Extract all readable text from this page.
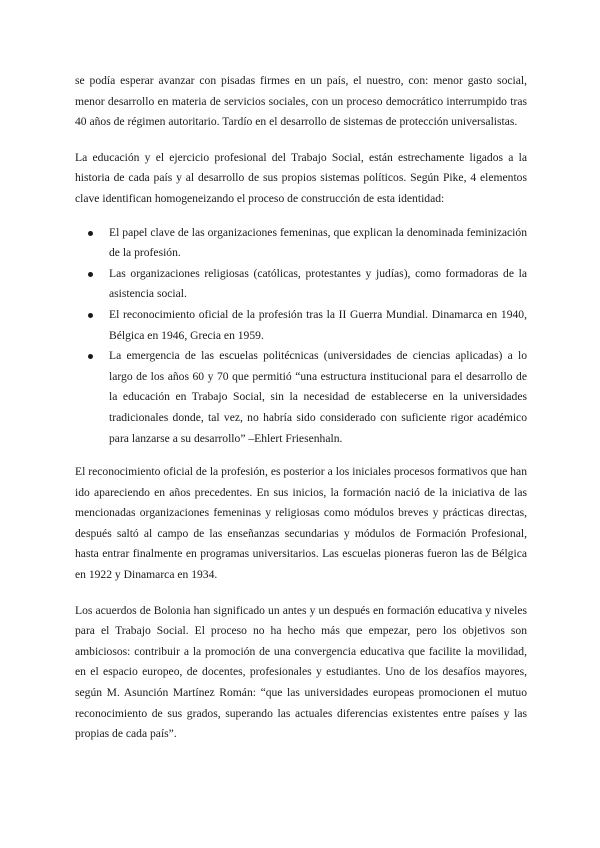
se podía esperar avanzar con pisadas firmes en un país, el nuestro, con: menor gasto social, menor desarrollo en materia de servicios sociales, con un proceso democrático interrumpido tras 40 años de régimen autoritario. Tardío en el desarrollo de sistemas de protección universalistas.

La educación y el ejercicio profesional del Trabajo Social, están estrechamente ligados a la historia de cada país y al desarrollo de sus propios sistemas políticos. Según Pike, 4 elementos clave identifican homogeneizando el proceso de construcción de esta identidad:

El papel clave de las organizaciones femeninas, que explican la denominada feminización de la profesión.
Las organizaciones religiosas (católicas, protestantes y judías), como formadoras de la asistencia social.
El reconocimiento oficial de la profesión tras la II Guerra Mundial. Dinamarca en 1940, Bélgica en 1946, Grecia en 1959.
La emergencia de las escuelas politécnicas (universidades de ciencias aplicadas) a lo largo de los años 60 y 70 que permitió “una estructura institucional para el desarrollo de la educación en Trabajo Social, sin la necesidad de establecerse en la universidades tradicionales donde, tal vez, no habría sido considerado con suficiente rigor académico para lanzarse a su desarrollo” –Ehlert Friesenhaln.

El reconocimiento oficial de la profesión, es posterior a los iniciales procesos formativos que han ido apareciendo en años precedentes. En sus inicios, la formación nació de la iniciativa de las mencionadas organizaciones femeninas y religiosas como módulos breves y prácticas directas, después saltó al campo de las enseñanzas secundarias y módulos de Formación Profesional, hasta entrar finalmente en programas universitarios. Las escuelas pioneras fueron las de Bélgica en 1922 y Dinamarca en 1934.

Los acuerdos de Bolonia han significado un antes y un después en formación educativa y niveles para el Trabajo Social. El proceso no ha hecho más que empezar, pero los objetivos son ambiciosos: contribuir a la promoción de una convergencia educativa que facilite la movilidad, en el espacio europeo, de docentes, profesionales y estudiantes. Uno de los desafíos mayores, según M. Asunción Martínez Román: “que las universidades europeas promocionen el mutuo reconocimiento de sus grados, superando las actuales diferencias existentes entre países y las propias de cada país”.
